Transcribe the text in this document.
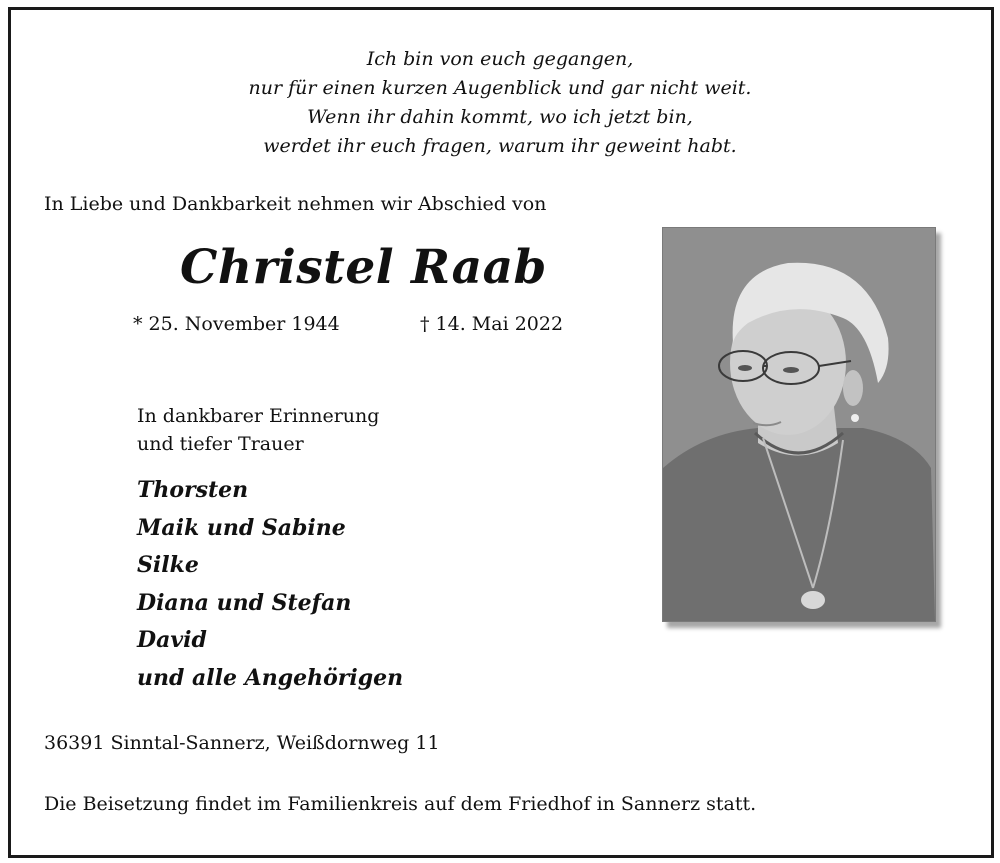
Ich bin von euch gegangen,
nur für einen kurzen Augenblick und gar nicht weit.
Wenn ihr dahin kommt, wo ich jetzt bin,
werdet ihr euch fragen, warum ihr geweint habt.
In Liebe und Dankbarkeit nehmen wir Abschied von
Christel Raab
* 25. November 1944	† 14. Mai 2022
In dankbarer Erinnerung
und tiefer Trauer
Thorsten
Maik und Sabine
Silke
Diana und Stefan
David
und alle Angehörigen
36391 Sinntal-Sannerz, Weißdornweg 11
Die Beisetzung findet im Familienkreis auf dem Friedhof in Sannerz statt.
